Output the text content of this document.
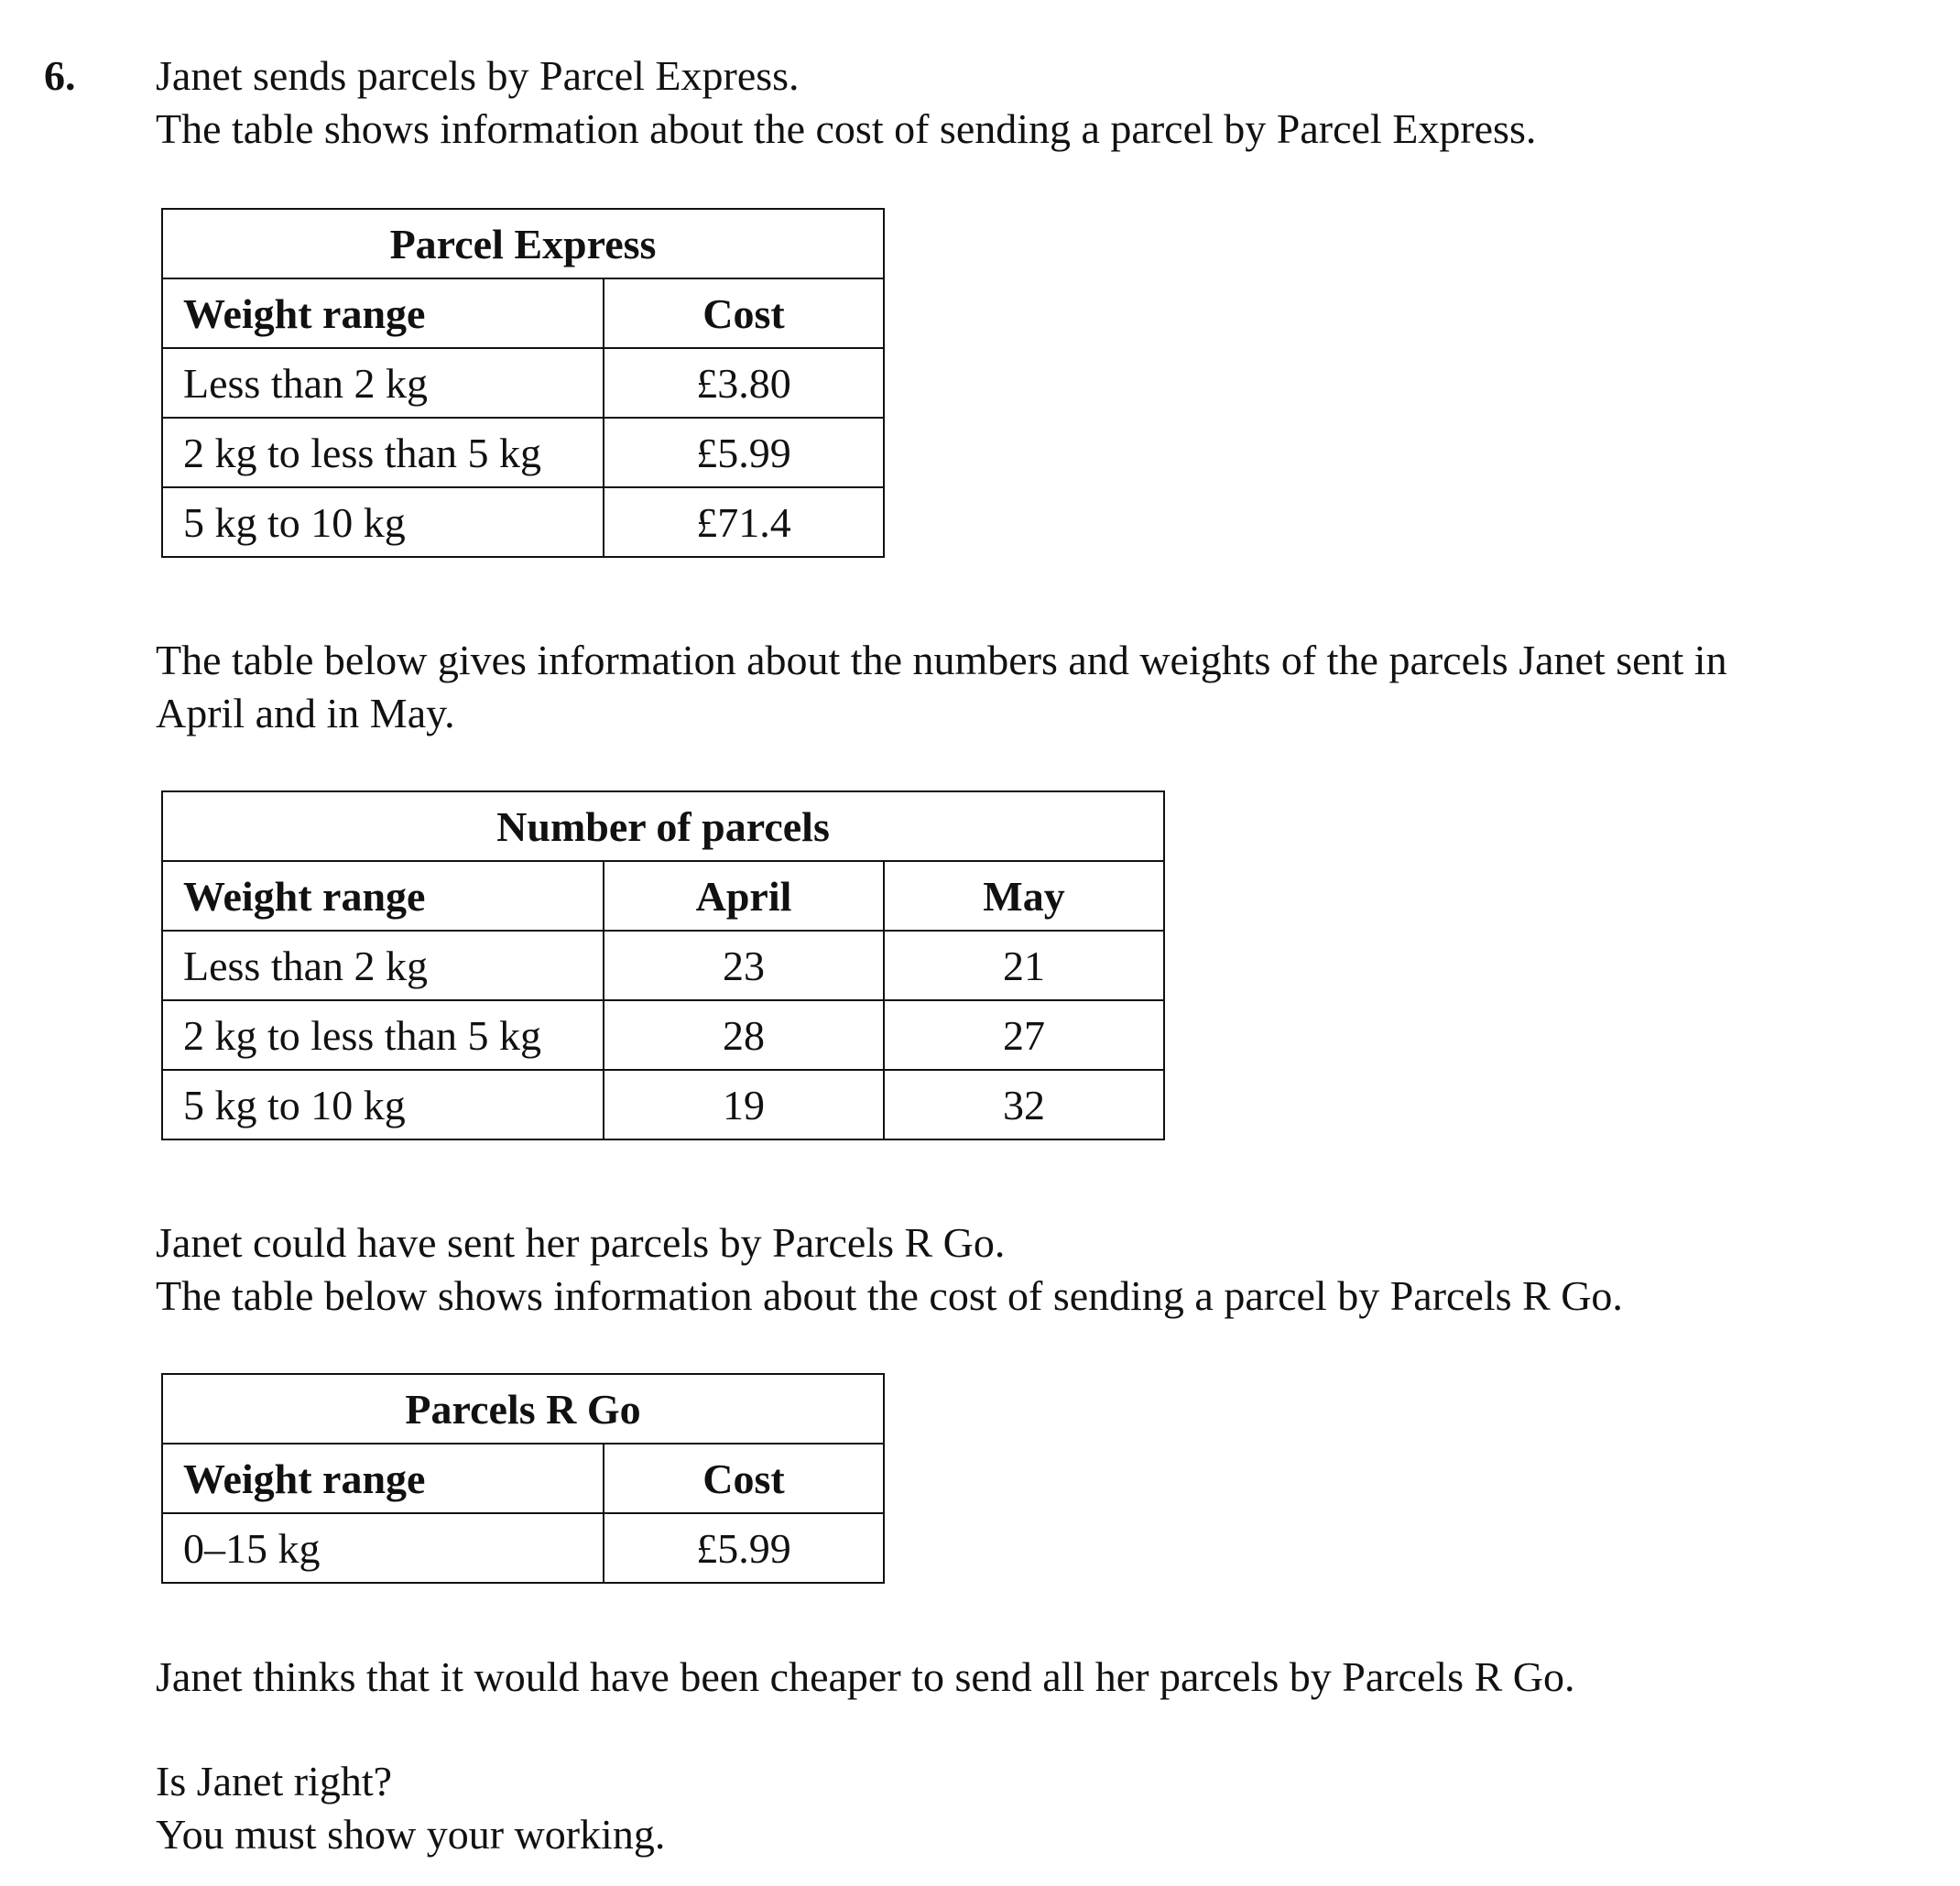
6. Janet sends parcels by Parcel Express.
The table shows information about the cost of sending a parcel by Parcel Express.

Parcel Express	
Weight range	Cost
Less than 2 kg	£3.80
2 kg to less than 5 kg	£5.99
5 kg to 10 kg	£71.4

The table below gives information about the numbers and weights of the parcels Janet sent in
April and in May.

Number of parcels		
Weight range	April	May
Less than 2 kg	23	21
2 kg to less than 5 kg	28	27
5 kg to 10 kg	19	32

Janet could have sent her parcels by Parcels R Go.
The table below shows information about the cost of sending a parcel by Parcels R Go.

Parcels R Go	
Weight range	Cost
0–15 kg	£5.99

Janet thinks that it would have been cheaper to send all her parcels by Parcels R Go.

Is Janet right?
You must show your working.
